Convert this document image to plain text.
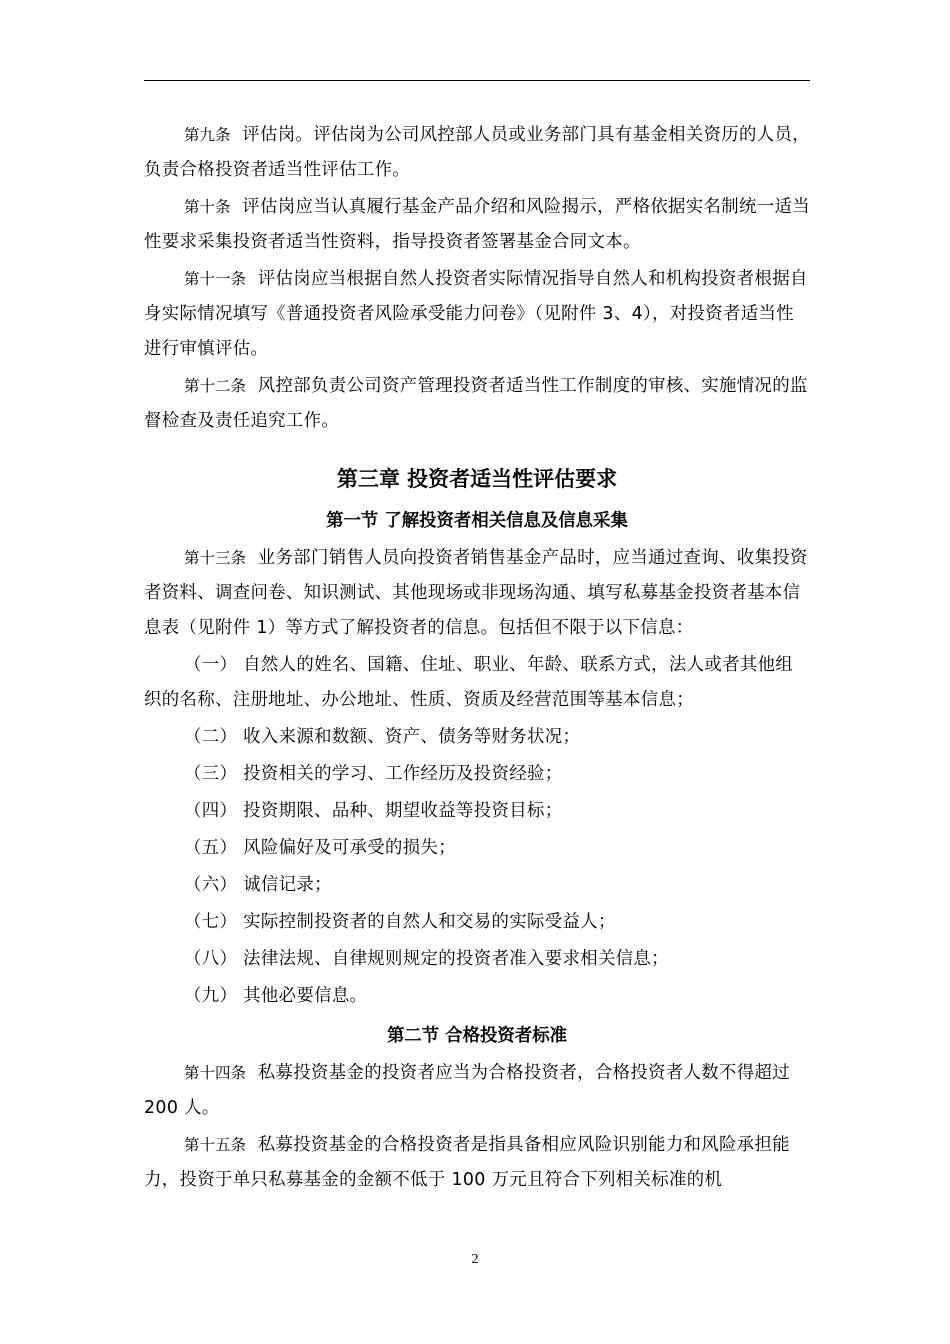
第九条 评估岗。评估岗为公司风控部人员或业务部门具有基金相关资历的人员，负责合格投资者适当性评估工作。

第十条 评估岗应当认真履行基金产品介绍和风险揭示，严格依据实名制统一适当性要求采集投资者适当性资料，指导投资者签署基金合同文本。

第十一条 评估岗应当根据自然人投资者实际情况指导自然人和机构投资者根据自身实际情况填写《普通投资者风险承受能力问卷》（见附件 3、4），对投资者适当性进行审慎评估。

第十二条 风控部负责公司资产管理投资者适当性工作制度的审核、实施情况的监督检查及责任追究工作。

第三章 投资者适当性评估要求
第一节 了解投资者相关信息及信息采集

第十三条 业务部门销售人员向投资者销售基金产品时，应当通过查询、收集投资者资料、调查问卷、知识测试、其他现场或非现场沟通、填写私募基金投资者基本信息表（见附件 1）等方式了解投资者的信息。包括但不限于以下信息：

（一） 自然人的姓名、国籍、住址、职业、年龄、联系方式，法人或者其他组织的名称、注册地址、办公地址、性质、资质及经营范围等基本信息；

（二） 收入来源和数额、资产、债务等财务状况；

（三） 投资相关的学习、工作经历及投资经验；

（四） 投资期限、品种、期望收益等投资目标；

（五） 风险偏好及可承受的损失；

（六） 诚信记录；

（七） 实际控制投资者的自然人和交易的实际受益人；

（八） 法律法规、自律规则规定的投资者准入要求相关信息；

（九） 其他必要信息。

第二节 合格投资者标准

第十四条 私募投资基金的投资者应当为合格投资者，合格投资者人数不得超过 200 人。

第十五条 私募投资基金的合格投资者是指具备相应风险识别能力和风险承担能力，投资于单只私募基金的金额不低于 100 万元且符合下列相关标准的机

2
